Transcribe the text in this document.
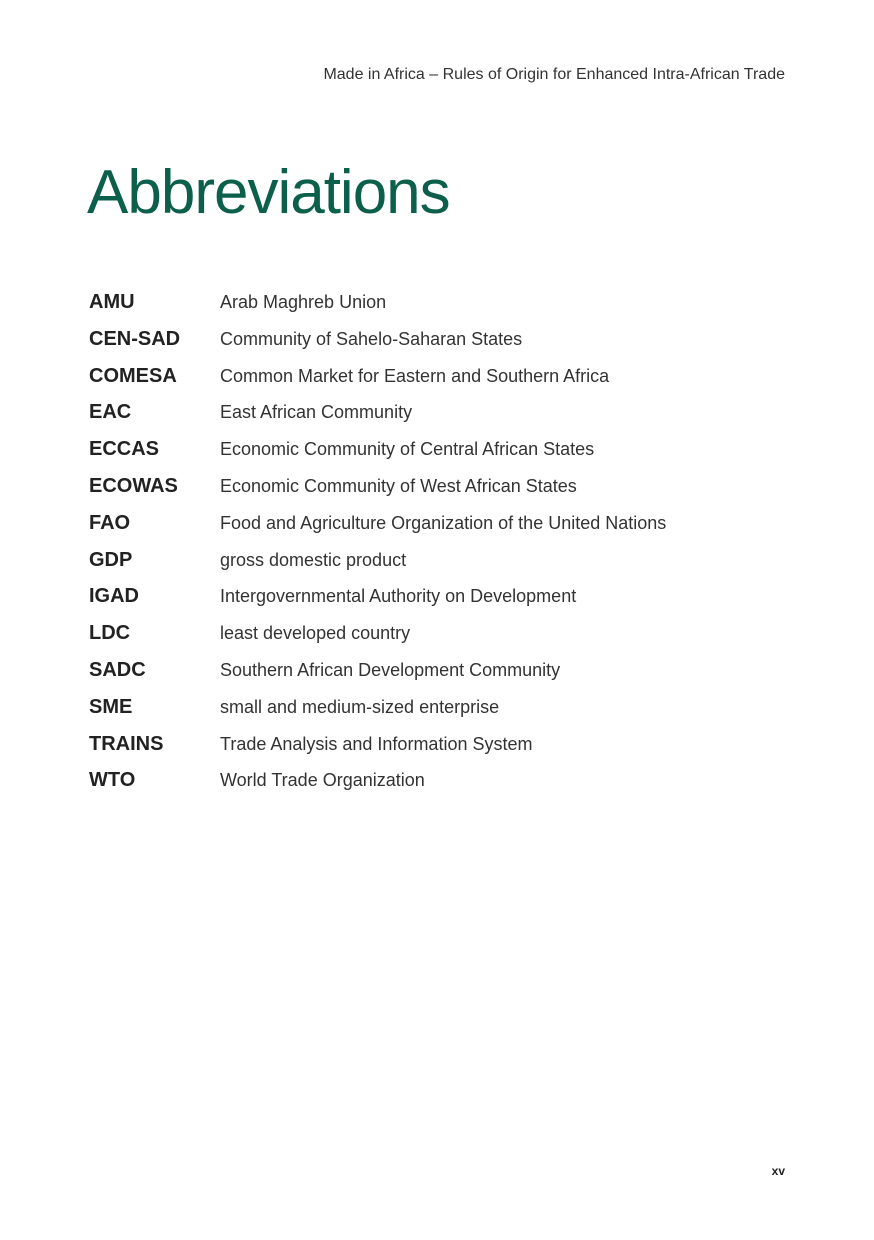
Made in Africa – Rules of Origin for Enhanced Intra-African Trade
Abbreviations
AMU	Arab Maghreb Union
CEN-SAD	Community of Sahelo-Saharan States
COMESA	Common Market for Eastern and Southern Africa
EAC	East African Community
ECCAS	Economic Community of Central African States
ECOWAS	Economic Community of West African States
FAO	Food and Agriculture Organization of the United Nations
GDP	gross domestic product
IGAD	Intergovernmental Authority on Development
LDC	least developed country
SADC	Southern African Development Community
SME	small and medium-sized enterprise
TRAINS	Trade Analysis and Information System
WTO	World Trade Organization
xv
